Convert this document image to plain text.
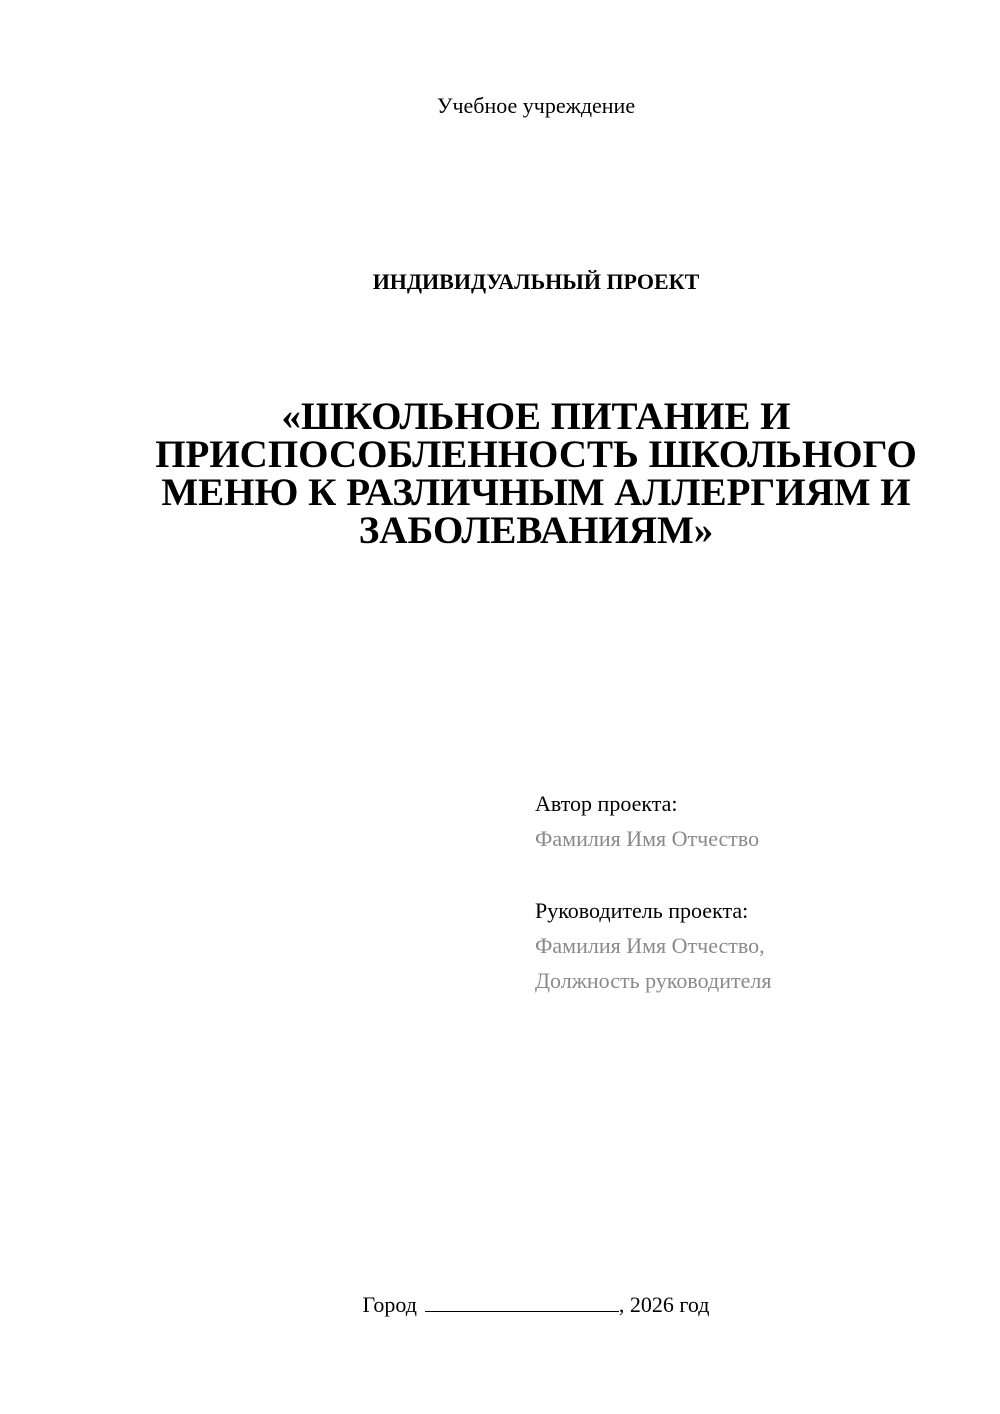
Учебное учреждение
ИНДИВИДУАЛЬНЫЙ ПРОЕКТ
«ШКОЛЬНОЕ ПИТАНИЕ И
ПРИСПОСОБЛЕННОСТЬ ШКОЛЬНОГО
МЕНЮ К РАЗЛИЧНЫМ АЛЛЕРГИЯМ И
ЗАБОЛЕВАНИЯМ»
Автор проекта:
Фамилия Имя Отчество
Руководитель проекта:
Фамилия Имя Отчество,
Должность руководителя
Город	, 2026 год
